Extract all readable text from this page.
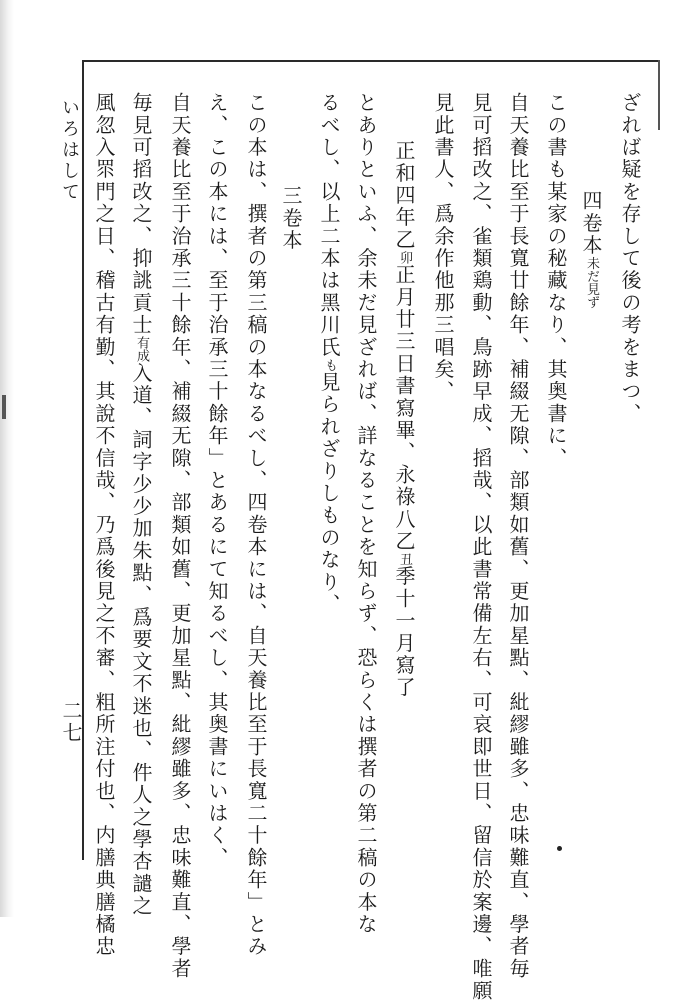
いろはして
二七
ざれば疑を存して後の考をまつ、
四卷本未だ見ず
この書も某家の秘藏なり、其奥書に、
自天養比至于長寬廿餘年、補綴无隙、部類如舊、更加星點、紕繆雖多、忠味難直、學者毎
見可搯改之、雀類鶏動、鳥跡早成、搯哉、以此書常備左右、可哀即世日、留信於案邊、唯願
見此書人、爲余作他那三唱矣、
正和四年乙卯正月廿三日書寫畢、永祿八乙丑季十一月寫了
とありといふ、余未だ見ざれば、詳なることを知らず、恐らくは撰者の第二稿の本な
るべし、以上二本は黑川氏も見られざりしものなり、
三卷本
この本は、撰者の第三稿の本なるべし、四卷本には、自天養比至于長寬二十餘年」とみ
え、この本には、至于治承三十餘年」とあるにて知るべし、其奥書にいはく、
自天養比至于治承三十餘年、補綴无隙、部類如舊、更加星點、紕繆雖多、忠味難直、學者
毎見可搯改之、抑誂貢士有成入道、詞字少少加朱點、爲要文不迷也、件人之學杏譴之
風忽入眔門之日、稽古有勤、其說不信哉、乃爲後見之不審、粗所注付也、内膳典膳橘忠
